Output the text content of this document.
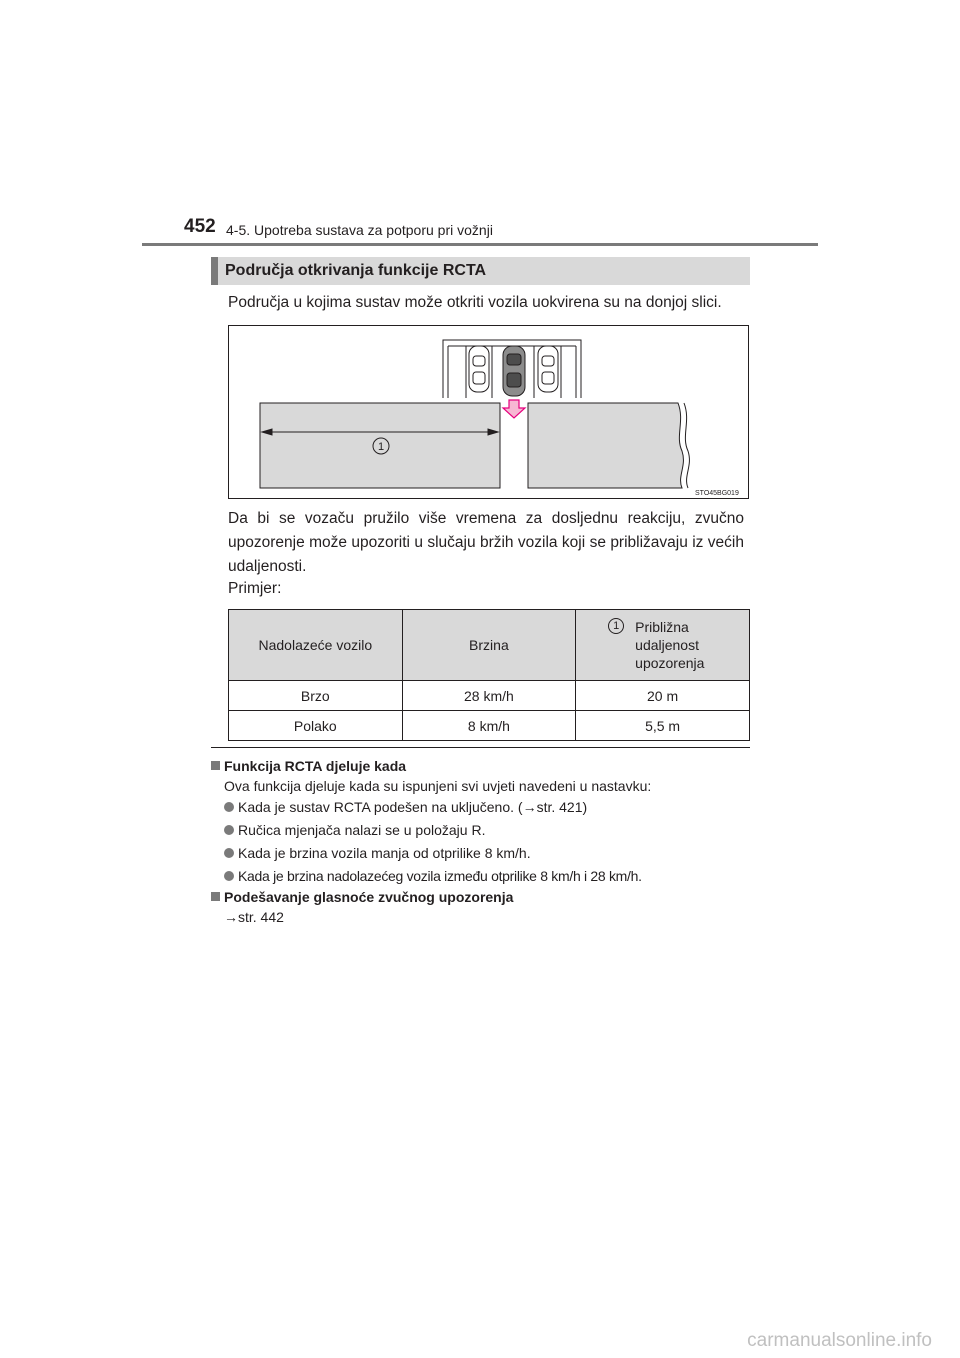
452 4-5. Upotreba sustava za potporu pri vožnji
Područja otkrivanja funkcije RCTA
Područja u kojima sustav može otkriti vozila uokvirena su na donjoj slici.
1
STO45BG019
Da bi se vozaču pružilo više vremena za dosljednu reakciju, zvučno upozorenje može upozoriti u slučaju bržih vozila koji se približavaju iz većih udaljenosti.
Primjer:
Nadolazeće vozilo	Brzina	1 Približna
udaljenost
upozorenja

Brzo	28 km/h	20 m
Polako	8 km/h	5,5 m
Funkcija RCTA djeluje kada
Ova funkcija djeluje kada su ispunjeni svi uvjeti navedeni u nastavku:
Kada je sustav RCTA podešen na uključeno. (→str. 421)
Ručica mjenjača nalazi se u položaju R.
Kada je brzina vozila manja od otprilike 8 km/h.
Kada je brzina nadolazećeg vozila između otprilike 8 km/h i 28 km/h.
Podešavanje glasnoće zvučnog upozorenja
→str. 442
carmanualsonline.info
